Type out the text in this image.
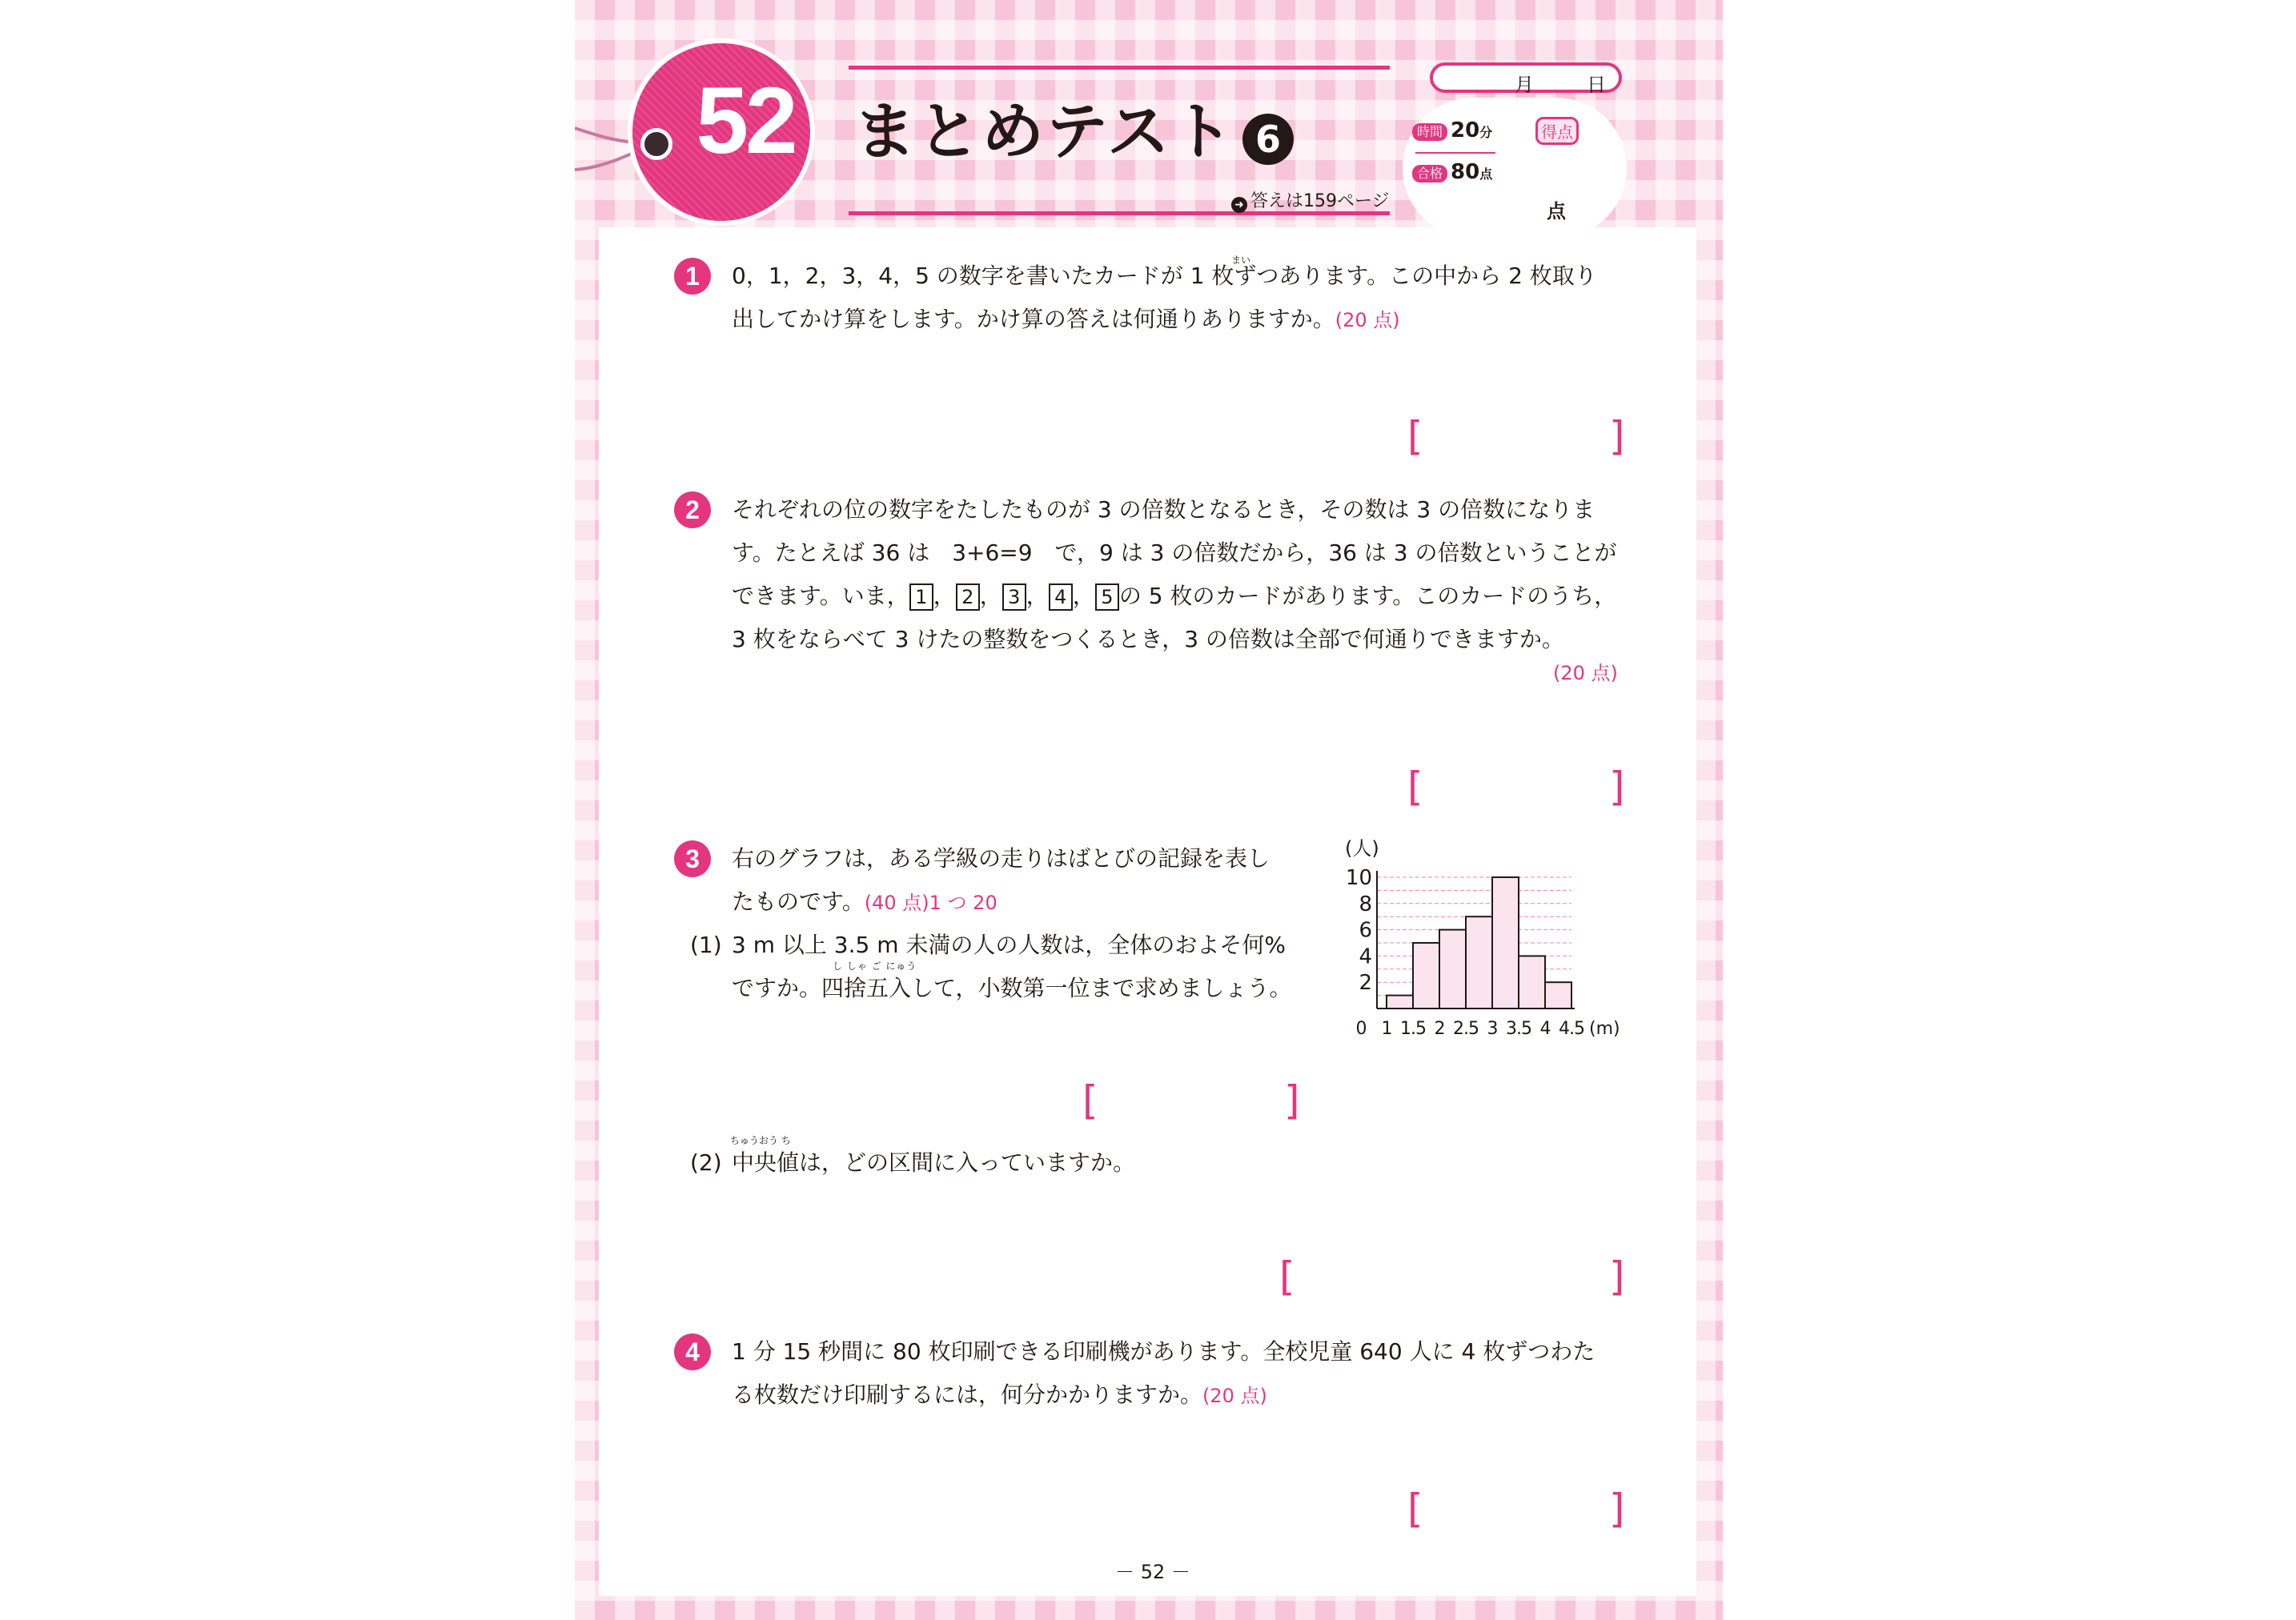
52 まとめテスト 6
➜ 答えは159ページ
月	日
時間 20分
合格 80点
得点
点
1
まい
0，1，2，3，4，5 の数字を書いたカードが 1 枚ずつあります。この中から 2 枚取り
出してかけ算をします。かけ算の答えは何通りありますか。(20 点)
[	]
2	それぞれの位の数字をたしたものが 3 の倍数となるとき，その数は 3 の倍数になりま
す。たとえば 36 は　3+6=9　で，9 は 3 の倍数だから，36 は 3 の倍数ということが
できます。いま， 1 ， 2 ， 3 ， 4 ， 5 の 5 枚のカードがあります。このカードのうち，
3 枚をならべて 3 けたの整数をつくるとき，3 の倍数は全部で何通りできますか。
(20 点)
[	]
3	右のグラフは，ある学級の走りはばとびの記録を表し
たものです。(40 点)1 つ 20
(1) 3 m 以上 3.5 m 未満の人の人数は，全体のおよそ何%
し しゃ ご にゅう
ですか。四捨五入して，小数第一位まで求めましょう。
[	]
ちゅうおう ち
(2) 中央値は，どの区間に入っていますか。
[	]
(人)
2
4
6
8
10
0 1 1.5 2 2.5 3 3.5 4 4.5 (m)
4	1 分 15 秒間に 80 枚印刷できる印刷機があります。全校児童 640 人に 4 枚ずつわた
る枚数だけ印刷するには，何分かかりますか。(20 点)
[	]
－ 52 －
